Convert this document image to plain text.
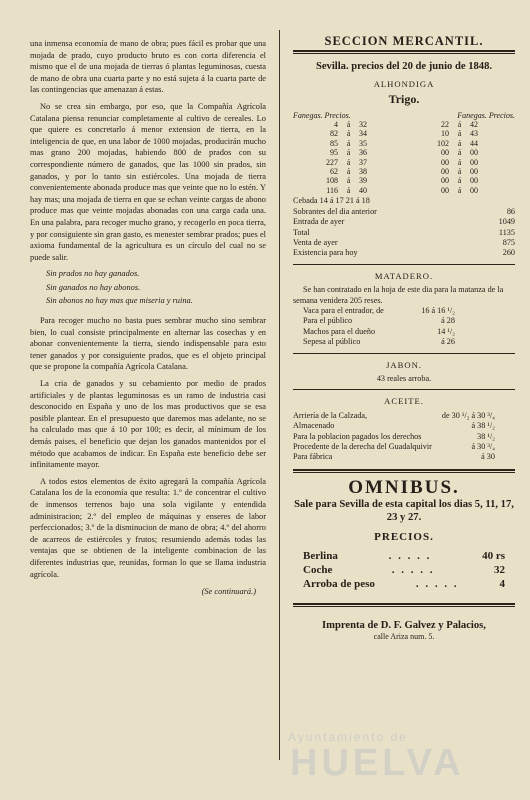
una inmensa economía de mano de obra; pues fácil es probar que una mojada de prado, cuyo producto bruto es con corta diferencia el mismo que el de una mojada de tierras ó plantas leguminosas, cuesta de mano de obra una cuarta parte y no está sujeta á la cuarta parte de las contingencias que amenazan á estas.

No se crea sin embargo, por eso, que la Compañía Agrícola Catalana piensa renunciar completamente al cultivo de cereales. Lo que quiere es concretarlo á menor extension de tierra, en la inteligencia de que, en una labor de 1000 mojadas, producirán mucho mas grano 200 mojadas, habiendo 800 de prados con su correspondiente número de ganados, que las 1000 sin prados, sin ganados, y por lo tanto sin estiércoles. Una mojada de tierra convenientemente abonada produce mas que veinte que no lo estén. Y hay mas; una mojada de tierra en que se echan veinte cargas de abono produce mas que veinte mojadas abonadas con una carga cada una. En una palabra, para recoger mucho grano, y recogerlo en poca tierra, y por consiguiente sin gran gasto, es menester sembrar prados; pues el axioma fundamental de la agricultura es un círculo del cual no se puede salir.

Sin prados no hay ganados.
Sin ganados no hay abonos.
Sin abonos no hay mas que miseria y ruina.

Para recoger mucho no basta pues sembrar mucho sino sembrar bien, lo cual consiste principalmente en alternar las cosechas y en abonar convenientemente la tierra, siendo indispensable para esto tener ganados y por consiguiente prados, que es el objeto principal que se propone la compañía Agrícola Catalana.

La cria de ganados y su cebamiento por medio de prados artificiales y de plantas leguminosas es un ramo de industria casi desconocido en España y uno de los mas productivos que se esa posible plantear. En el presupuesto que daremos mas adelante, no se ha calculado mas que á 10 por 100; es decir, al mínimum de los demás paises, el beneficio que dejan los ganados mantenidos por el método que acabamos de indicar. En España este beneficio debe ser infinitamente mayor.

A todos estos elementos de éxito agregará la compañía Agrícola Catalana los de la economía que resulta: 1.º de concentrar el cultivo de inmensos terrenos bajo una sola vigilante y entendida administracion; 2.º del empleo de máquinas y enseres de labor perfeccionados; 3.º de la disminucion de mano de obra; 4.º del ahorro de acarreos de estiércoles y frutos; resumiendo además todas las ventajas que se obtienen de la inteligente combinacion de las diferentes industrias que, reunidas, forman lo que se llama industria agrícola.

(Se continuará.)
SECCION MERCANTIL.
Sevilla. precios del 20 de junio de 1848.
ALHONDIGA
Trigo.
Fanegas. Precios.			Fanegas. Precios.		
4	á	32	22	á	42
82	á	34	10	á	43
85	á	35	102	á	44
95	á	36	00	á	00
227	á	37	00	á	00
62	á	38	00	á	00
108	á	39	00	á	00
116	á	40	00	á	00
Cebada 14 á 17 21 á 18
Sobrantes del dia anterior	86
Entrada de ayer	1049
Total	1135
Venta de ayer	875
Existencia para hoy	260
MATADERO.
Se han contratado en la hoja de este dia para la matanza de la semana venidera 205 reses.
Vaca para el entrador, de	16 á 16 ¹/₂
Para el público	á 28
Machos para el dueño	14 ¹/₂
Sepesa al público	á 26
JABON.
43 reales arroba.
ACEITE.
Arriería de la Calzada,	de 30 ¹/₂ á 30 ³/₄
Almacenado	á 38 ¹/₂
Para la poblacion pagados los derechos	38 ¹/₂
Procedente de la derecha del Guadalquivir	á 30 ³/₄
Para fábrica	á 30
OMNIBUS.
Sale para Sevilla de esta capital los dias 5, 11, 17, 23 y 27.
PRECIOS.
Berlina	. . . . .	40 rs
Coche	. . . . .	32
Arroba de peso	. . . . .	4
Imprenta de D. F. Galvez y Palacios,
calle Ariza num. 5.
Ayuntamiento de
HUELVA
